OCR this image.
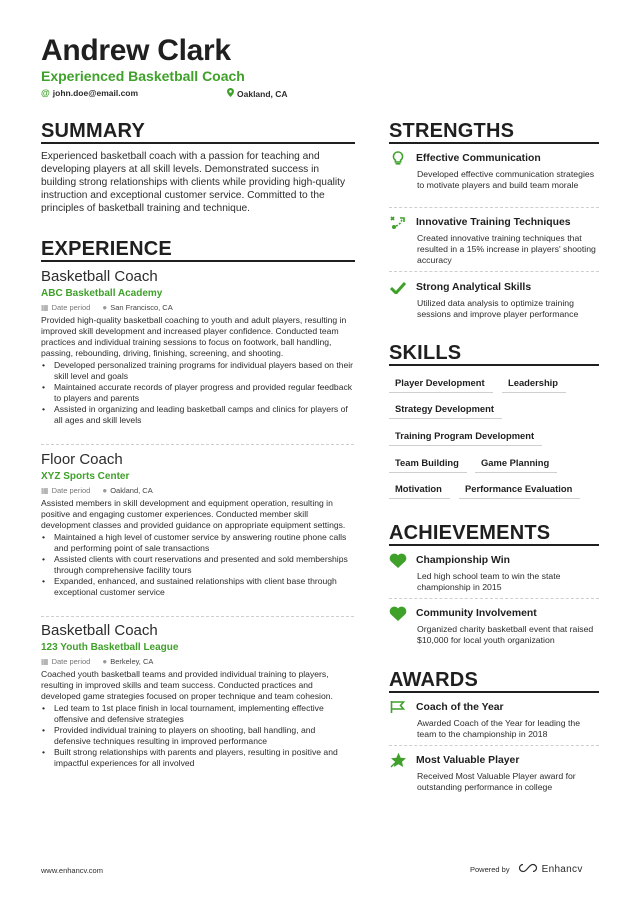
Andrew Clark
Experienced Basketball Coach
@ john.doe@email.com	Oakland, CA
SUMMARY
Experienced basketball coach with a passion for teaching and developing players at all skill levels. Demonstrated success in building strong relationships with clients while providing high-quality instruction and exceptional customer service. Committed to the principles of basketball training and technique.
EXPERIENCE
Basketball Coach
ABC Basketball Academy
▦ Date period ● San Francisco, CA
Provided high-quality basketball coaching to youth and adult players, resulting in improved skill development and increased player confidence. Conducted team practices and individual training sessions to focus on footwork, ball handling, passing, rebounding, driving, finishing, screening, and shooting.
• Developed personalized training programs for individual players based on their skill level and goals
• Maintained accurate records of player progress and provided regular feedback to players and parents
• Assisted in organizing and leading basketball camps and clinics for players of all ages and skill levels
Floor Coach
XYZ Sports Center
▦ Date period ● Oakland, CA
Assisted members in skill development and equipment operation, resulting in positive and engaging customer experiences. Conducted member skill development classes and provided guidance on appropriate equipment settings.
• Maintained a high level of customer service by answering routine phone calls and performing point of sale transactions
• Assisted clients with court reservations and presented and sold memberships through comprehensive facility tours
• Expanded, enhanced, and sustained relationships with client base through exceptional customer service
Basketball Coach
123 Youth Basketball League
▦ Date period ● Berkeley, CA
Coached youth basketball teams and provided individual training to players, resulting in improved skills and team success. Conducted practices and developed game strategies focused on proper technique and team cohesion.
• Led team to 1st place finish in local tournament, implementing effective offensive and defensive strategies
• Provided individual training to players on shooting, ball handling, and defensive techniques resulting in improved performance
• Built strong relationships with parents and players, resulting in positive and impactful experiences for all involved
STRENGTHS
Effective Communication
Developed effective communication strategies to motivate players and build team morale
Innovative Training Techniques
Created innovative training techniques that resulted in a 15% increase in players' shooting accuracy
Strong Analytical Skills
Utilized data analysis to optimize training sessions and improve player performance
SKILLS
Player Development	Leadership
Strategy Development
Training Program Development
Team Building	Game Planning
Motivation	Performance Evaluation
ACHIEVEMENTS
Championship Win
Led high school team to win the state championship in 2015
Community Involvement
Organized charity basketball event that raised $10,000 for local youth organization
AWARDS
Coach of the Year
Awarded Coach of the Year for leading the team to the championship in 2018
Most Valuable Player
Received Most Valuable Player award for outstanding performance in college
www.enhancv.com	Powered by	Enhancv
